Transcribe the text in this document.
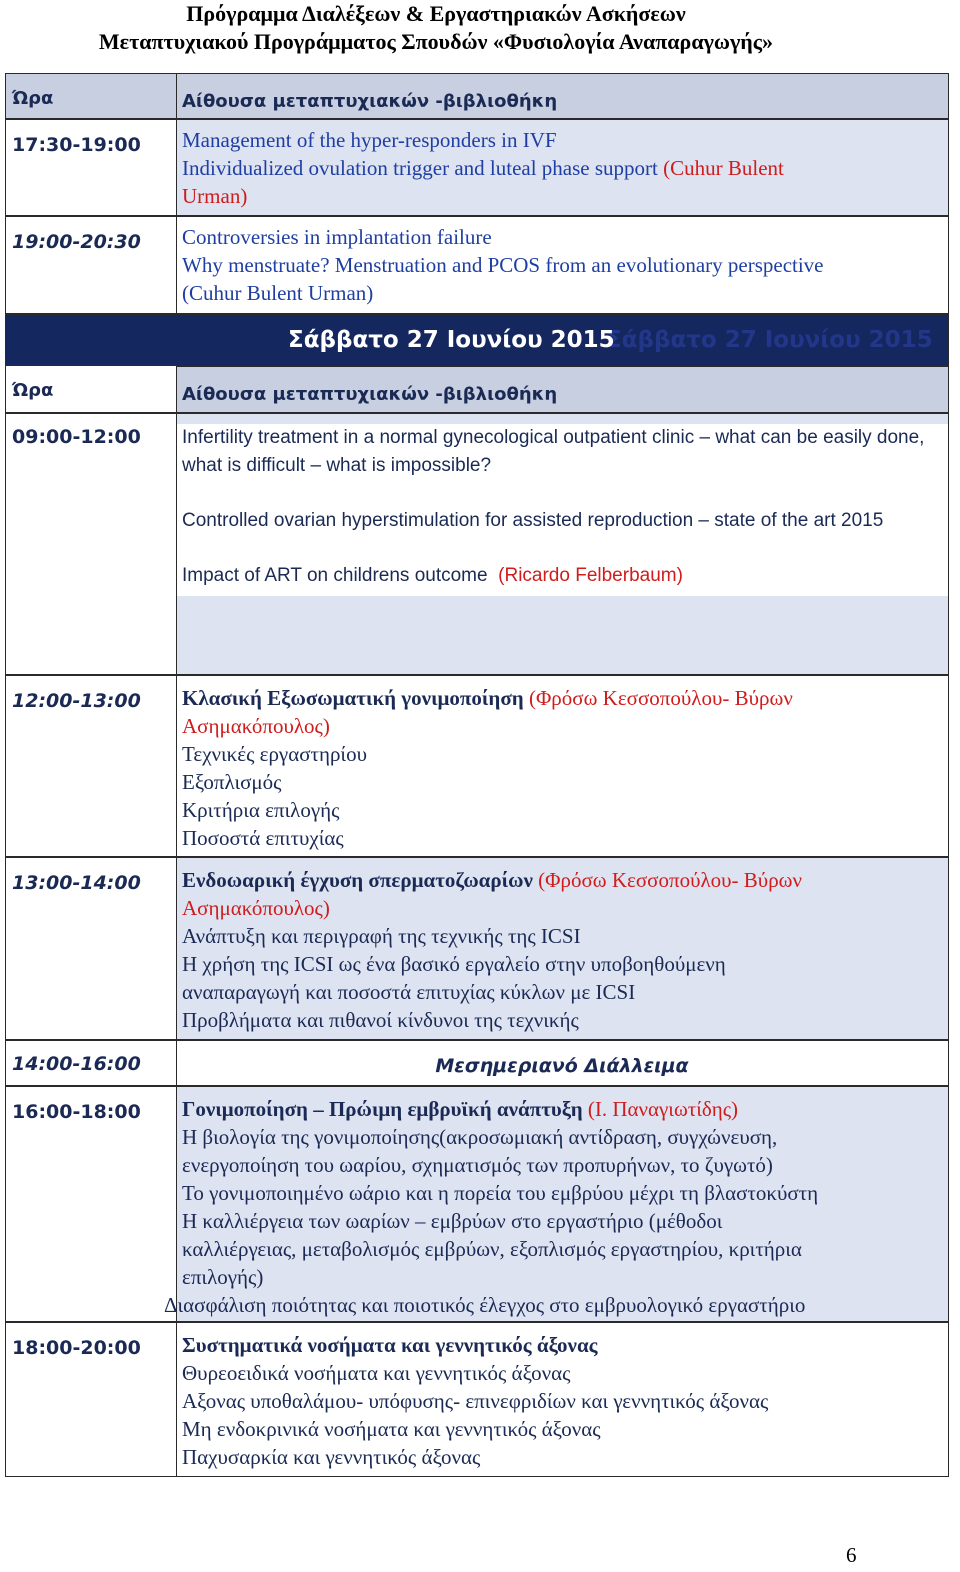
Πρόγραμμα Διαλέξεων & Εργαστηριακών Ασκήσεων
Μεταπτυχιακού Προγράμματος Σπουδών «Φυσιολογία Αναπαραγωγής»
Ώρα	Αίθουσα μεταπτυχιακών -βιβλιοθήκη
17:30-19:00	Management of the hyper-responders in IVF
Individualized ovulation trigger and luteal phase support (Cuhur Bulent
Urman)
19:00-20:30	Controversies in implantation failure
Why menstruate? Menstruation and PCOS from an evolutionary perspective
(Cuhur Bulent Urman)
Σάββατο 27 Ιουνίου 2015
Σάββατο 27 Ιουνίου 2015
Ώρα	Αίθουσα μεταπτυχιακών -βιβλιοθήκη
09:00-12:00	Infertility treatment in a normal gynecological outpatient clinic – what can be easily done, what is difficult – what is impossible?
Controlled ovarian hyperstimulation for assisted reproduction – state of the art 2015
Impact of ART on childrens outcome (Ricardo Felberbaum)
12:00-13:00	Κλασική Εξωσωματική γονιμοποίηση (Φρόσω Κεσσοπούλου- Βύρων
Ασημακόπουλος)
Τεχνικές εργαστηρίου
Εξοπλισμός
Κριτήρια επιλογής
Ποσοστά επιτυχίας
13:00-14:00	Ενδοωαρική έγχυση σπερματοζωαρίων (Φρόσω Κεσσοπούλου- Βύρων
Ασημακόπουλος)
Ανάπτυξη και περιγραφή της τεχνικής της ICSI
Η χρήση της ICSI ως ένα βασικό εργαλείο στην υποβοηθούμενη
αναπαραγωγή και ποσοστά επιτυχίας κύκλων με ICSI
Προβλήματα και πιθανοί κίνδυνοι της τεχνικής
14:00-16:00	Μεσημεριανό Διάλλειμα
16:00-18:00	Γονιμοποίηση – Πρώιμη εμβρυϊκή ανάπτυξη (Ι. Παναγιωτίδης)
Η βιολογία της γονιμοποίησης(ακροσωμιακή αντίδραση, συγχώνευση,
ενεργοποίηση του ωαρίου, σχηματισμός των προπυρήνων, το ζυγωτό)
Το γονιμοποιημένο ωάριο και η πορεία του εμβρύου μέχρι τη βλαστοκύστη
Η καλλιέργεια των ωαρίων – εμβρύων στο εργαστήριο (μέθοδοι
καλλιέργειας, μεταβολισμός εμβρύων, εξοπλισμός εργαστηρίου, κριτήρια
επιλογής)
Διασφάλιση ποιότητας και ποιοτικός έλεγχος στο εμβρυολογικό εργαστήριο
18:00-20:00	Συστηματικά νοσήματα και γεννητικός άξονας
Θυρεοειδικά νοσήματα και γεννητικός άξονας
Αξονας υποθαλάμου- υπόφυσης- επινεφριδίων και γεννητικός άξονας
Μη ενδοκρινικά νοσήματα και γεννητικός άξονας
Παχυσαρκία και γεννητικός άξονας
6
